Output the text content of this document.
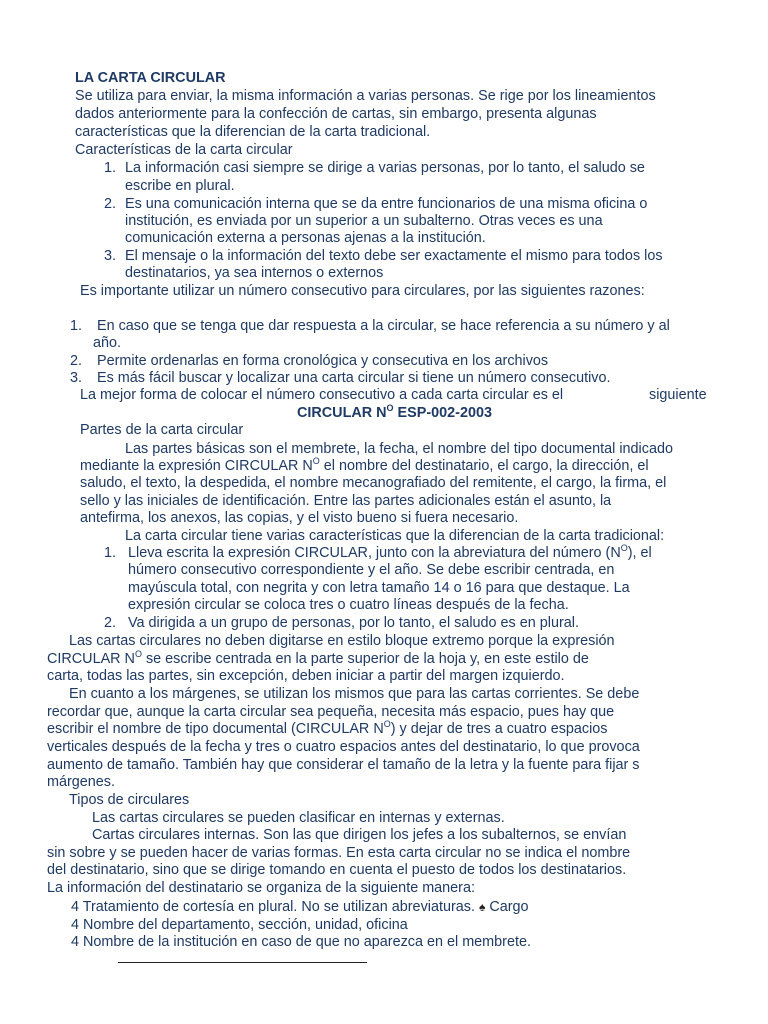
LA CARTA CIRCULAR
Se utiliza para enviar, la misma información a varias personas. Se rige por los lineamientos
dados anteriormente para la confección de cartas, sin embargo, presenta algunas
características que la diferencian de la carta tradicional.
Características de la carta circular
1. La información casi siempre se dirige a varias personas, por lo tanto, el saludo se
escribe en plural.
2. Es una comunicación interna que se da entre funcionarios de una misma oficina o
institución, es enviada por un superior a un subalterno. Otras veces es una
comunicación externa a personas ajenas a la institución.
3. El mensaje o la información del texto debe ser exactamente el mismo para todos los
destinatarios, ya sea internos o externos
Es importante utilizar un número consecutivo para circulares, por las siguientes razones:
1. En caso que se tenga que dar respuesta a la circular, se hace referencia a su número y al
año.
2. Permite ordenarlas en forma cronológica y consecutiva en los archivos
3. Es más fácil buscar y localizar una carta circular si tiene un número consecutivo.
La mejor forma de colocar el número consecutivo a cada carta circular es el	siguiente
CIRCULAR $N^O$ ESP-002-2003
Partes de la carta circular
Las partes básicas son el membrete, la fecha, el nombre del tipo documental indicado
mediante la expresión CIRCULAR $N^O$ el nombre del destinatario, el cargo, la dirección, el
saludo, el texto, la despedida, el nombre mecanografiado del remitente, el cargo, la firma, el
sello y las iniciales de identificación. Entre las partes adicionales están el asunto, la
antefirma, los anexos, las copias, y el visto bueno si fuera necesario.
La carta circular tiene varias características que la diferencian de la carta tradicional:
1. Lleva escrita la expresión CIRCULAR, junto con la abreviatura del número $(N^O)$, el
húmero consecutivo correspondiente y el año. Se debe escribir centrada, en
mayúscula total, con negrita y con letra tamaño 14 o 16 para que destaque. La
expresión circular se coloca tres o cuatro líneas después de la fecha.
2. Va dirigida a un grupo de personas, por lo tanto, el saludo es en plural.
Las cartas circulares no deben digitarse en estilo bloque extremo porque la expresión
CIRCULAR $N^O$ se escribe centrada en la parte superior de la hoja y, en este estilo de
carta, todas las partes, sin excepción, deben iniciar a partir del margen izquierdo.
En cuanto a los márgenes, se utilizan los mismos que para las cartas corrientes. Se debe
recordar que, aunque la carta circular sea pequeña, necesita más espacio, pues hay que
escribir el nombre de tipo documental (CIRCULAR $N^O$) y dejar de tres a cuatro espacios
verticales después de la fecha y tres o cuatro espacios antes del destinatario, lo que provoca
aumento de tamaño. También hay que considerar el tamaño de la letra y la fuente para fijar s
márgenes.
Tipos de circulares
Las cartas circulares se pueden clasificar en internas y externas.
Cartas circulares internas. Son las que dirigen los jefes a los subalternos, se envían
sin sobre y se pueden hacer de varias formas. En esta carta circular no se indica el nombre
del destinatario, sino que se dirige tomando en cuenta el puesto de todos los destinatarios.
La información del destinatario se organiza de la siguiente manera:
4 Tratamiento de cortesía en plural. No se utilizan abreviaturas. ♠ Cargo
4 Nombre del departamento, sección, unidad, oficina
4 Nombre de la institución en caso de que no aparezca en el membrete.
